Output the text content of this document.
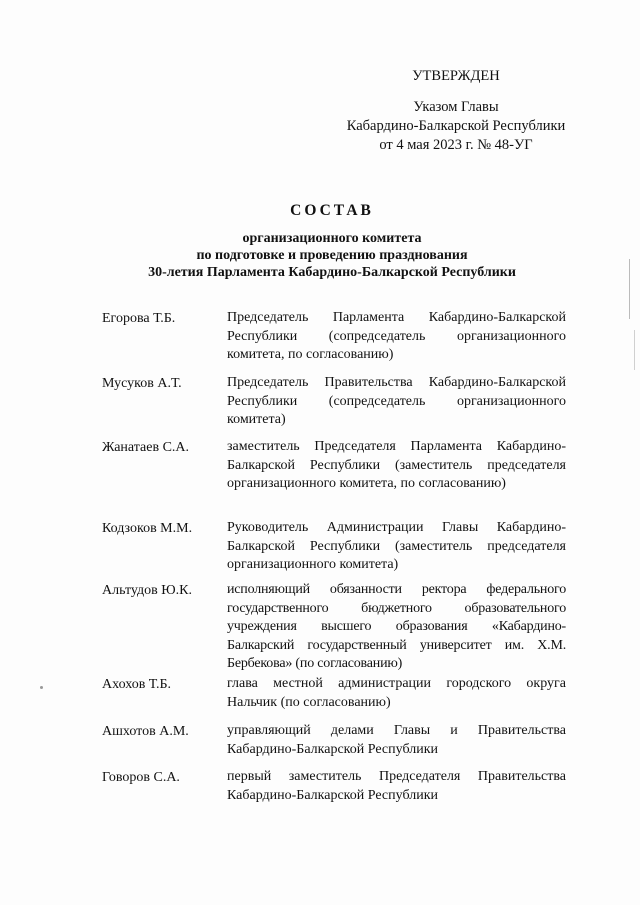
УТВЕРЖДЕН
Указом Главы
Кабардино-Балкарской Республики
от 4 мая 2023 г. № 48-УГ
СОСТАВ
организационного комитета
по подготовке и проведению празднования
30-летия Парламента Кабардино-Балкарской Республики
Егорова Т.Б.	Председатель Парламента Кабардино-Балкарской Республики (сопредседатель организационного комитета, по согласованию)
Мусуков А.Т.	Председатель Правительства Кабардино-Балкарской Республики (сопредседатель организационного комитета)
Жанатаев С.А.	заместитель Председателя Парламента Кабардино-Балкарской Республики (заместитель председателя организационного комитета, по согласованию)
Кодзоков М.М. Руководитель Администрации Главы Кабардино-Балкарской Республики (заместитель председателя организационного комитета)
Альтудов Ю.К.	исполняющий обязанности ректора федерального государственного бюджетного образовательного учреждения высшего образования «Кабардино-Балкарский государственный университет им. Х.М. Бербекова» (по согласованию)
Ахохов Т.Б.	глава местной администрации городского округа Нальчик (по согласованию)
Ашхотов А.М.	управляющий делами Главы и Правительства Кабардино-Балкарской Республики
Говоров С.А.	первый заместитель Председателя Правительства Кабардино-Балкарской Республики
